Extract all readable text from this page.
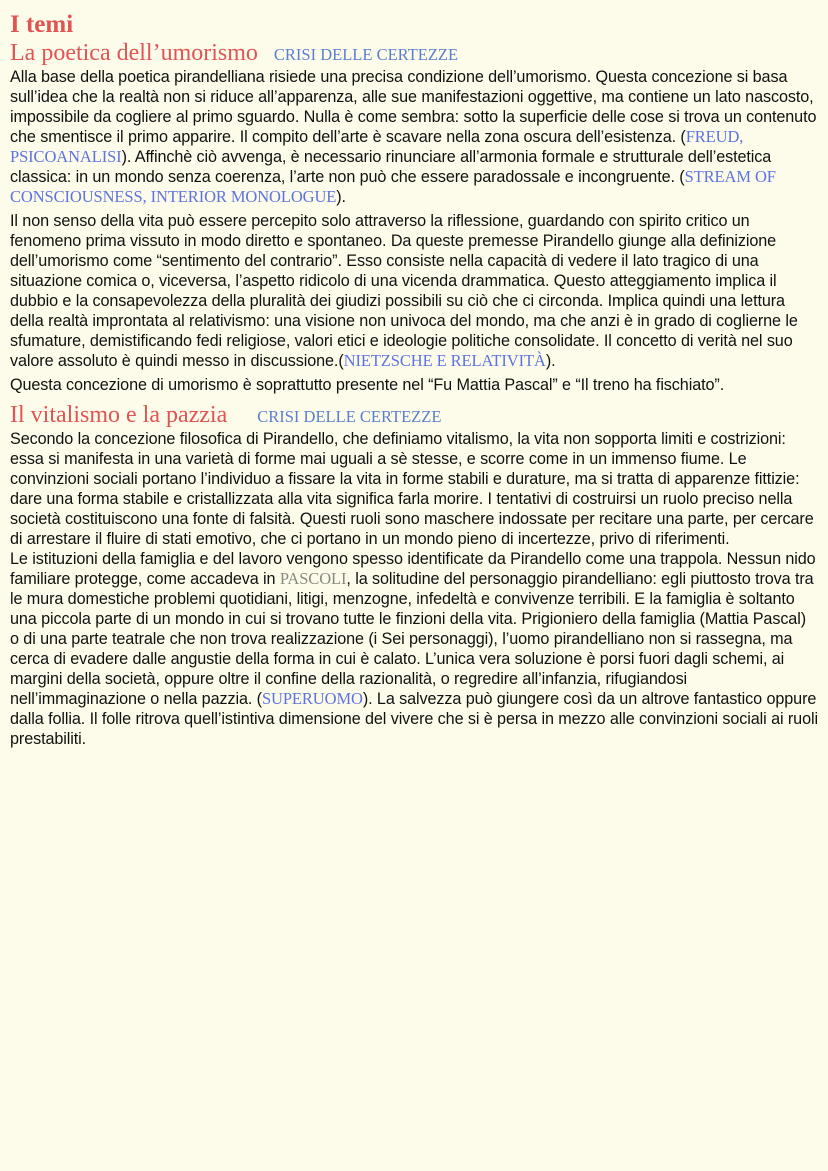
I temi
La poetica dell’umorismo CRISI DELLE CERTEZZE

Alla base della poetica pirandelliana risiede una precisa condizione dell’umorismo. Questa concezione si basa sull’idea che la realtà non si riduce all’apparenza, alle sue manifestazioni oggettive, ma contiene un lato nascosto, impossibile da cogliere al primo sguardo. Nulla è come sembra: sotto la superficie delle cose si trova un contenuto che smentisce il primo apparire. Il compito dell’arte è scavare nella zona oscura dell’esistenza. (FREUD, PSICOANALISI). Affinchè ciò avvenga, è necessario rinunciare all’armonia formale e strutturale dell’estetica classica: in un mondo senza coerenza, l’arte non può che essere paradossale e incongruente. (STREAM OF CONSCIOUSNESS, INTERIOR MONOLOGUE).

Il non senso della vita può essere percepito solo attraverso la riflessione, guardando con spirito critico un fenomeno prima vissuto in modo diretto e spontaneo. Da queste premesse Pirandello giunge alla definizione dell’umorismo come “sentimento del contrario”. Esso consiste nella capacità di vedere il lato tragico di una situazione comica o, viceversa, l’aspetto ridicolo di una vicenda drammatica. Questo atteggiamento implica il dubbio e la consapevolezza della pluralità dei giudizi possibili su ciò che ci circonda. Implica quindi una lettura della realtà improntata al relativismo: una visione non univoca del mondo, ma che anzi è in grado di coglierne le sfumature, demistificando fedi religiose, valori etici e ideologie politiche consolidate. Il concetto di verità nel suo valore assoluto è quindi messo in discussione.(NIETZSCHE E RELATIVITÀ).

Questa concezione di umorismo è soprattutto presente nel “Fu Mattia Pascal” e “Il treno ha fischiato”.

Il vitalismo e la pazzia CRISI DELLE CERTEZZE

Secondo la concezione filosofica di Pirandello, che definiamo vitalismo, la vita non sopporta limiti e costrizioni: essa si manifesta in una varietà di forme mai uguali a sè stesse, e scorre come in un immenso fiume. Le convinzioni sociali portano l’individuo a fissare la vita in forme stabili e durature, ma si tratta di apparenze fittizie: dare una forma stabile e cristallizzata alla vita significa farla morire. I tentativi di costruirsi un ruolo preciso nella società costituiscono una fonte di falsità. Questi ruoli sono maschere indossate per recitare una parte, per cercare di arrestare il fluire di stati emotivo, che ci portano in un mondo pieno di incertezze, privo di riferimenti.

Le istituzioni della famiglia e del lavoro vengono spesso identificate da Pirandello come una trappola. Nessun nido familiare protegge, come accadeva in PASCOLI, la solitudine del personaggio pirandelliano: egli piuttosto trova tra le mura domestiche problemi quotidiani, litigi, menzogne, infedeltà e convivenze terribili. E la famiglia è soltanto una piccola parte di un mondo in cui si trovano tutte le finzioni della vita. Prigioniero della famiglia (Mattia Pascal) o di una parte teatrale che non trova realizzazione (i Sei personaggi), l’uomo pirandelliano non si rassegna, ma cerca di evadere dalle angustie della forma in cui è calato. L’unica vera soluzione è porsi fuori dagli schemi, ai margini della società, oppure oltre il confine della razionalità, o regredire all’infanzia, rifugiandosi nell’immaginazione o nella pazzia. (SUPERUOMO). La salvezza può giungere così da un altrove fantastico oppure dalla follia. Il folle ritrova quell’istintiva dimensione del vivere che si è persa in mezzo alle convinzioni sociali ai ruoli prestabiliti.
